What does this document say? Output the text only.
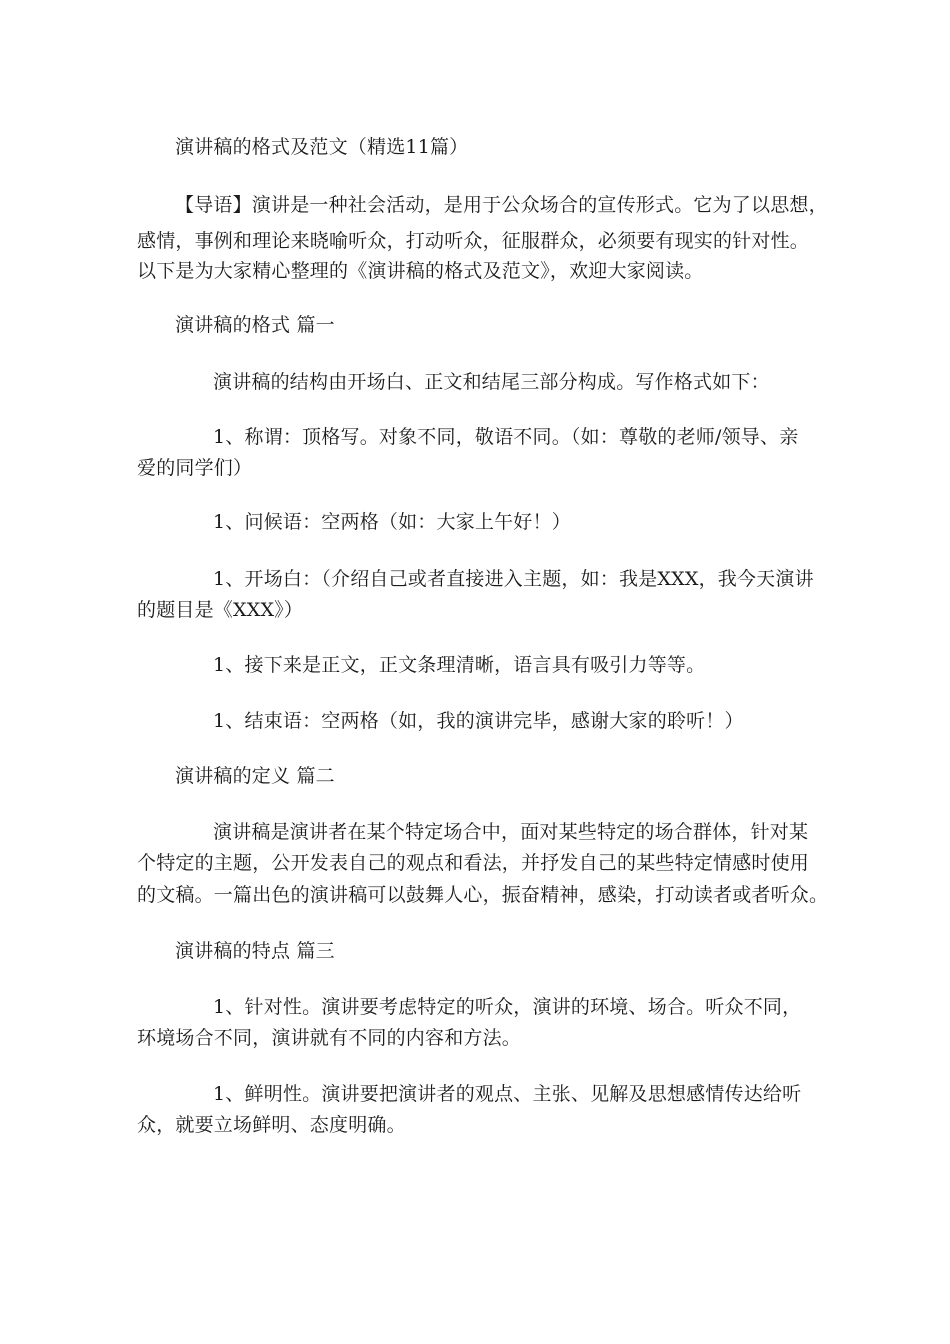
演讲稿的格式及范文（精选11篇）
【导语】演讲是一种社会活动，是用于公众场合的宣传形式。它为了以思想，
感情，事例和理论来晓喻听众，打动听众，征服群众，必须要有现实的针对性。
以下是为大家精心整理的《演讲稿的格式及范文》，欢迎大家阅读。
演讲稿的格式 篇一
演讲稿的结构由开场白、正文和结尾三部分构成。写作格式如下：
1、称谓：顶格写。对象不同，敬语不同。（如：尊敬的老师/领导、亲
爱的同学们）
1、问候语：空两格（如：大家上午好！）
1、开场白：（介绍自己或者直接进入主题，如：我是XXX，我今天演讲
的题目是《XXX》）
1、接下来是正文，正文条理清晰，语言具有吸引力等等。
1、结束语：空两格（如，我的演讲完毕，感谢大家的聆听！）
演讲稿的定义 篇二
演讲稿是演讲者在某个特定场合中，面对某些特定的场合群体，针对某
个特定的主题，公开发表自己的观点和看法，并抒发自己的某些特定情感时使用
的文稿。一篇出色的演讲稿可以鼓舞人心，振奋精神，感染，打动读者或者听众。
演讲稿的特点 篇三
1、针对性。演讲要考虑特定的听众，演讲的环境、场合。听众不同，
环境场合不同，演讲就有不同的内容和方法。
1、鲜明性。演讲要把演讲者的观点、主张、见解及思想感情传达给听
众，就要立场鲜明、态度明确。
